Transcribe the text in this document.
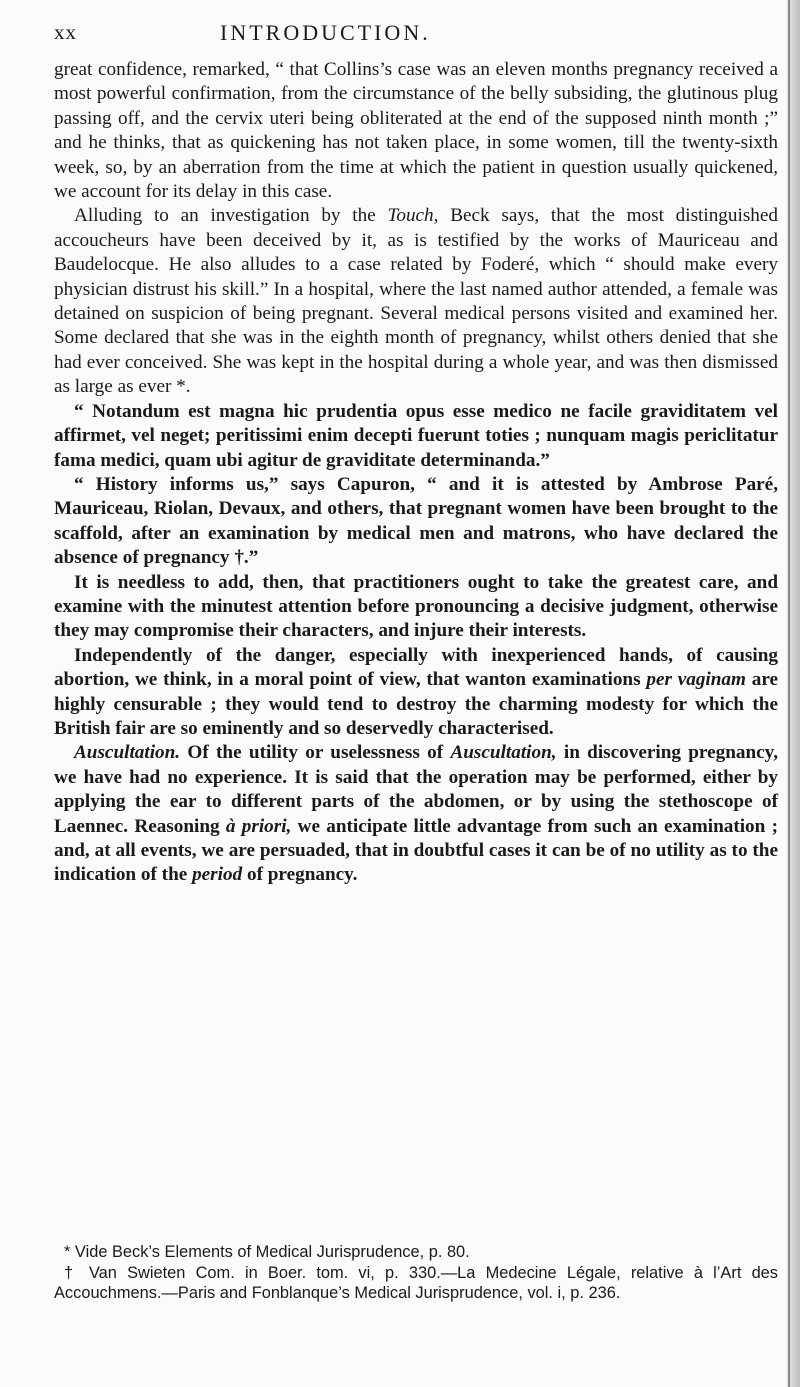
xx	INTRODUCTION.

great confidence, remarked, “ that Collins’s case was an eleven months pregnancy received a most powerful confirmation, from the circumstance of the belly subsiding, the glutinous plug passing off, and the cervix uteri being obliterated at the end of the supposed ninth month ;” and he thinks, that as quickening has not taken place, in some women, till the twenty-sixth week, so, by an aberration from the time at which the patient in question usually quickened, we account for its delay in this case.

Alluding to an investigation by the Touch, Beck says, that the most distinguished accoucheurs have been deceived by it, as is testified by the works of Mauriceau and Baudelocque. He also alludes to a case related by Foderé, which “ should make every physician distrust his skill.” In a hospital, where the last named author attended, a female was detained on suspicion of being pregnant. Several medical persons visited and examined her. Some declared that she was in the eighth month of pregnancy, whilst others denied that she had ever conceived. She was kept in the hospital during a whole year, and was then dismissed as large as ever *.

“ Notandum est magna hic prudentia opus esse medico ne facile graviditatem vel affirmet, vel neget; peritissimi enim decepti fuerunt toties ; nunquam magis periclitatur fama medici, quam ubi agitur de graviditate determinanda.”

“ History informs us,” says Capuron, “ and it is attested by Ambrose Paré, Mauriceau, Riolan, Devaux, and others, that pregnant women have been brought to the scaffold, after an examination by medical men and matrons, who have declared the absence of pregnancy †.”

It is needless to add, then, that practitioners ought to take the greatest care, and examine with the minutest attention before pronouncing a decisive judgment, otherwise they may compromise their characters, and injure their interests.

Independently of the danger, especially with inexperienced hands, of causing abortion, we think, in a moral point of view, that wanton examinations per vaginam are highly censurable ; they would tend to destroy the charming modesty for which the British fair are so eminently and so deservedly characterised.

Auscultation. Of the utility or uselessness of Auscultation, in discovering pregnancy, we have had no experience. It is said that the operation may be performed, either by applying the ear to different parts of the abdomen, or by using the stethoscope of Laennec. Reasoning à priori, we anticipate little advantage from such an examination ; and, at all events, we are persuaded, that in doubtful cases it can be of no utility as to the indication of the period of pregnancy.

* Vide Beck’s Elements of Medical Jurisprudence, p. 80.

† Van Swieten Com. in Boer. tom. vi, p. 330.—La Medecine Légale, relative à l’Art des Accouchmens.—Paris and Fonblanque’s Medical Jurisprudence, vol. i, p. 236.
